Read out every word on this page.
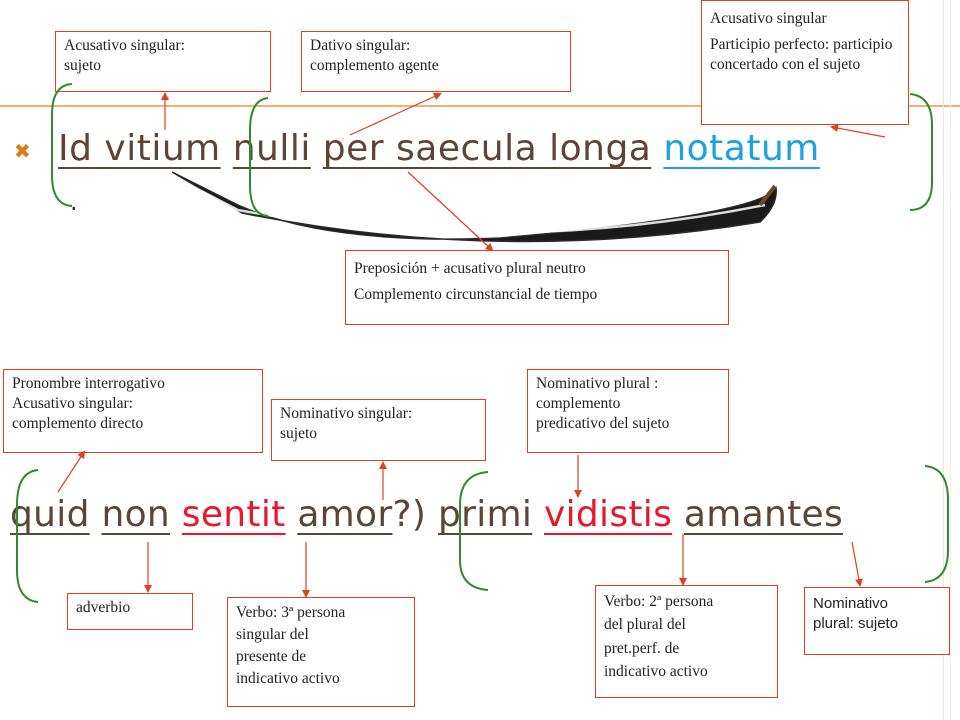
Acusativo singular:
sujeto
Dativo singular:
complemento agente

Acusativo singular

Participio perfecto: participio concertado con el sujeto

Preposición + acusativo plural neutro

Complemento circunstancial de tiempo

Pronombre interrogativo
Acusativo singular:
complemento directo
Nominativo singular:
sujeto
Nominativo plural :
complemento
predicativo del sujeto
adverbio	Verbo: 3ª persona
singular del
presente de
indicativo activo
Verbo: 2ª persona
del plural del
pret.perf. de
indicativo activo
Nominativo
plural: sujeto
✖ Id vitium nulli per saecula longa notatum
.
quid non sentit amor?) primi vidistis amantes
